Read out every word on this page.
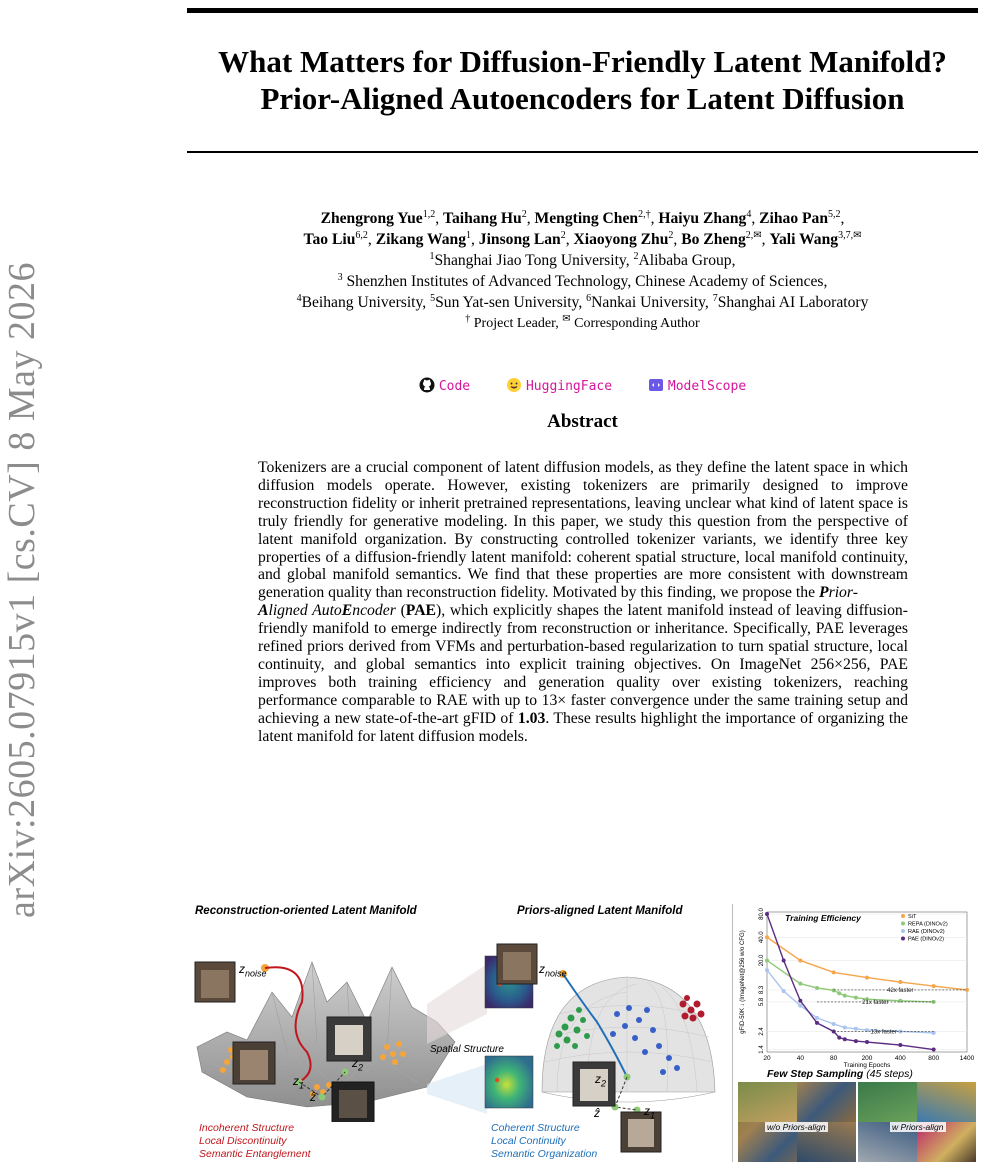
arXiv:2605.07915v1 [cs.CV] 8 May 2026
What Matters for Diffusion-Friendly Latent Manifold?
Prior-Aligned Autoencoders for Latent Diffusion
Zhengrong Yue$^{1,2}$, Taihang Hu$^2$, Mengting Chen$^{2,\dagger}$, Haiyu Zhang$^4$, Zihao Pan$^{5,2}$,
Tao Liu$^{6,2}$, Zikang Wang$^1$, Jinsong Lan$^2$, Xiaoyong Zhu$^2$, Bo Zheng$^{2,✉}$, Yali Wang$^{3,7,✉}$
$^1$Shanghai Jiao Tong University, $^2$Alibaba Group,
$^3$ Shenzhen Institutes of Advanced Technology, Chinese Academy of Sciences,
$^4$Beihang University, $^5$Sun Yat-sen University, $^6$Nankai University, $^7$Shanghai AI Laboratory
† Project Leader, ✉ Corresponding Author
Code	HuggingFace	ModelScope
Abstract
Tokenizers are a crucial component of latent diffusion models, as they define the latent space in which diffusion models operate. However, existing tokenizers are primarily designed to improve reconstruction fidelity or inherit pretrained representations, leaving unclear what kind of latent space is truly friendly for generative modeling. In this paper, we study this question from the perspective of latent manifold organization. By constructing controlled tokenizer variants, we identify three key properties of a diffusion-friendly latent manifold: coherent spatial structure, local manifold continuity, and global manifold semantics. We find that these properties are more consistent with downstream generation quality than reconstruction fidelity. Motivated by this finding, we propose the Prior-
Aligned AutoEncoder (PAE), which explicitly shapes the latent manifold instead of leaving diffusion-friendly manifold to emerge indirectly from reconstruction or inheritance. Specifically, PAE leverages refined priors derived from VFMs and perturbation-based regularization to turn spatial structure, local continuity, and global semantics into explicit training objectives. On ImageNet 256×256, PAE improves both training efficiency and generation quality over existing tokenizers, reaching performance comparable to RAE with up to 13× faster convergence under the same training setup and achieving a new state-of-the-art gFID of 1.03. These results highlight the importance of organizing the latent manifold for latent diffusion models.
Reconstruction-oriented Latent Manifold
$z_{noise}$
$z_1$
$z_2$
ẑ
Incoherent Structure
Local Discontinuity
Semantic Entanglement
Spatial Structure
Priors-aligned Latent Manifold
$z_{noise}$
$z_2$
$z_1$
ẑ
Coherent Structure
Local Continuity
Semantic Organization
80.0
40.0
20.0
8.3
5.8
2.4
1.4
20	40	80	200	400	800	1400
Training Epochs
gFID-50K ↓ (ImageNet@256 w/o CFG)
Training Efficiency	SiT
REPA (DINOv2)
RAE (DINOv2)
PAE (DINOv2)
42x faster
21x faster
13x faster
Few Step Sampling (45 steps)
w/o Priors-align	w Priors-align
